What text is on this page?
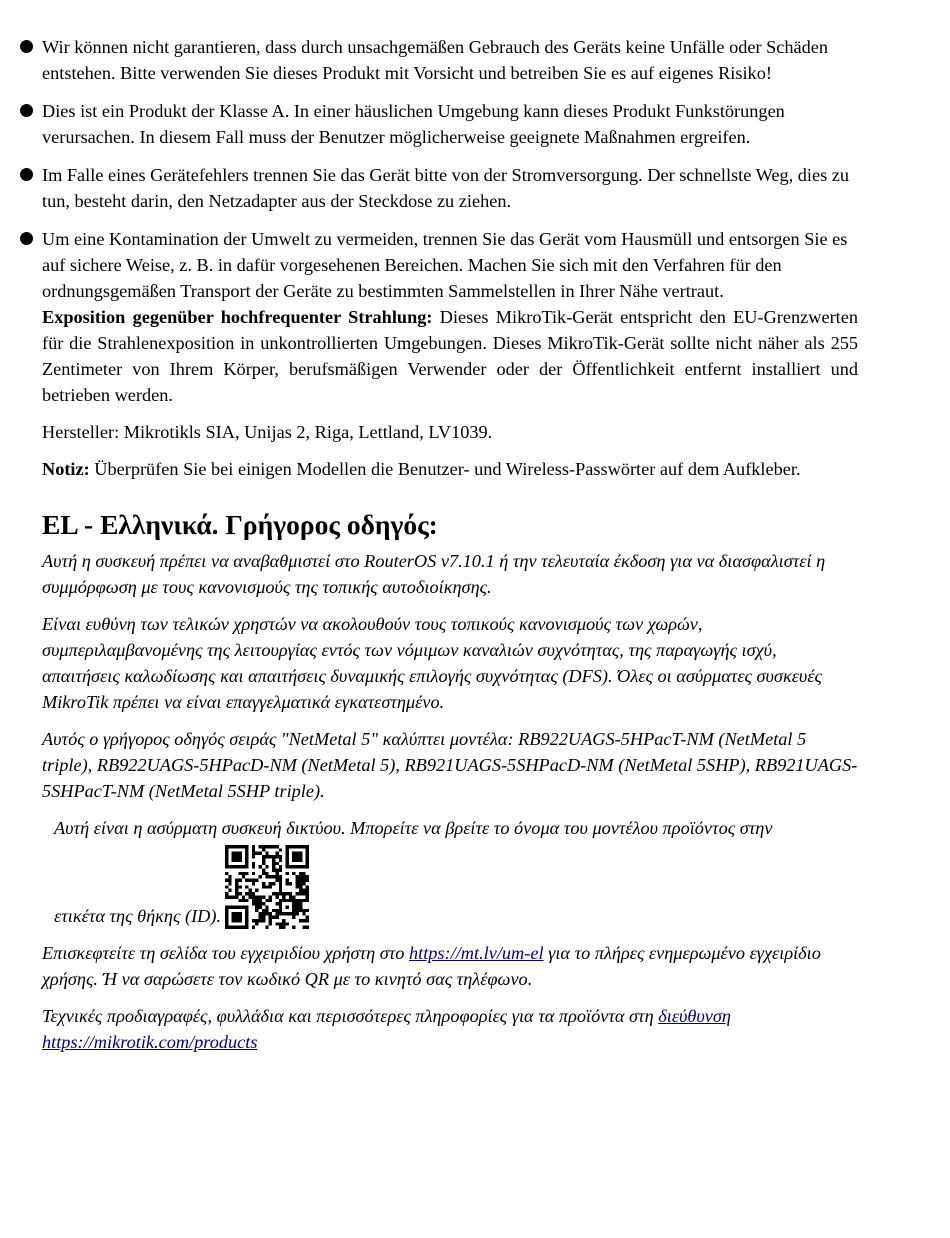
Wir können nicht garantieren, dass durch unsachgemäßen Gebrauch des Geräts keine Unfälle oder Schäden entstehen. Bitte verwenden Sie dieses Produkt mit Vorsicht und betreiben Sie es auf eigenes Risiko!
Dies ist ein Produkt der Klasse A. In einer häuslichen Umgebung kann dieses Produkt Funkstörungen verursachen. In diesem Fall muss der Benutzer möglicherweise geeignete Maßnahmen ergreifen.
Im Falle eines Gerätefehlers trennen Sie das Gerät bitte von der Stromversorgung. Der schnellste Weg, dies zu tun, besteht darin, den Netzadapter aus der Steckdose zu ziehen.
Um eine Kontamination der Umwelt zu vermeiden, trennen Sie das Gerät vom Hausmüll und entsorgen Sie es auf sichere Weise, z. B. in dafür vorgesehenen Bereichen. Machen Sie sich mit den Verfahren für den ordnungsgemäßen Transport der Geräte zu bestimmten Sammelstellen in Ihrer Nähe vertraut.

Exposition gegenüber hochfrequenter Strahlung: Dieses MikroTik-Gerät entspricht den EU-Grenzwerten für die Strahlenexposition in unkontrollierten Umgebungen. Dieses MikroTik-Gerät sollte nicht näher als 255 Zentimeter von Ihrem Körper, berufsmäßigen Verwender oder der Öffentlichkeit entfernt installiert und betrieben werden.

Hersteller: Mikrotikls SIA, Unijas 2, Riga, Lettland, LV1039.

Notiz: Überprüfen Sie bei einigen Modellen die Benutzer- und Wireless-Passwörter auf dem Aufkleber.

EL - Ελληνικά. Γρήγορος οδηγός:

Αυτή η συσκευή πρέπει να αναβαθμιστεί στο RouterOS v7.10.1 ή την τελευταία έκδοση για να διασφαλιστεί η συμμόρφωση με τους κανονισμούς της τοπικής αυτοδιοίκησης.

Είναι ευθύνη των τελικών χρηστών να ακολουθούν τους τοπικούς κανονισμούς των χωρών, συμπεριλαμβανομένης της λειτουργίας εντός των νόμιμων καναλιών συχνότητας, της παραγωγής ισχύ, απαιτήσεις καλωδίωσης και απαιτήσεις δυναμικής επιλογής συχνότητας (DFS). Όλες οι ασύρματες συσκευές MikroTik πρέπει να είναι επαγγελματικά εγκατεστημένο.

Αυτός ο γρήγορος οδηγός σειράς "NetMetal 5" καλύπτει μοντέλα: RB922UAGS-5HPacT-NM (NetMetal 5 triple), RB922UAGS-5HPacD-NM (NetMetal 5), RB921UAGS-5SHPacD-NM (NetMetal 5SHP), RB921UAGS-5SHPacT-NM (NetMetal 5SHP triple).

Αυτή είναι η ασύρματη συσκευή δικτύου. Μπορείτε να βρείτε το όνομα του μοντέλου προϊόντος στην
ετικέτα της θήκης (ID).

Επισκεφτείτε τη σελίδα του εγχειριδίου χρήστη στο https://mt.lv/um-el για το πλήρες ενημερωμένο εγχειρίδιο χρήσης. Ή να σαρώσετε τον κωδικό QR με το κινητό σας τηλέφωνο.

Τεχνικές προδιαγραφές, φυλλάδια και περισσότερες πληροφορίες για τα προϊόντα στη διεύθυνση
https://mikrotik.com/products
